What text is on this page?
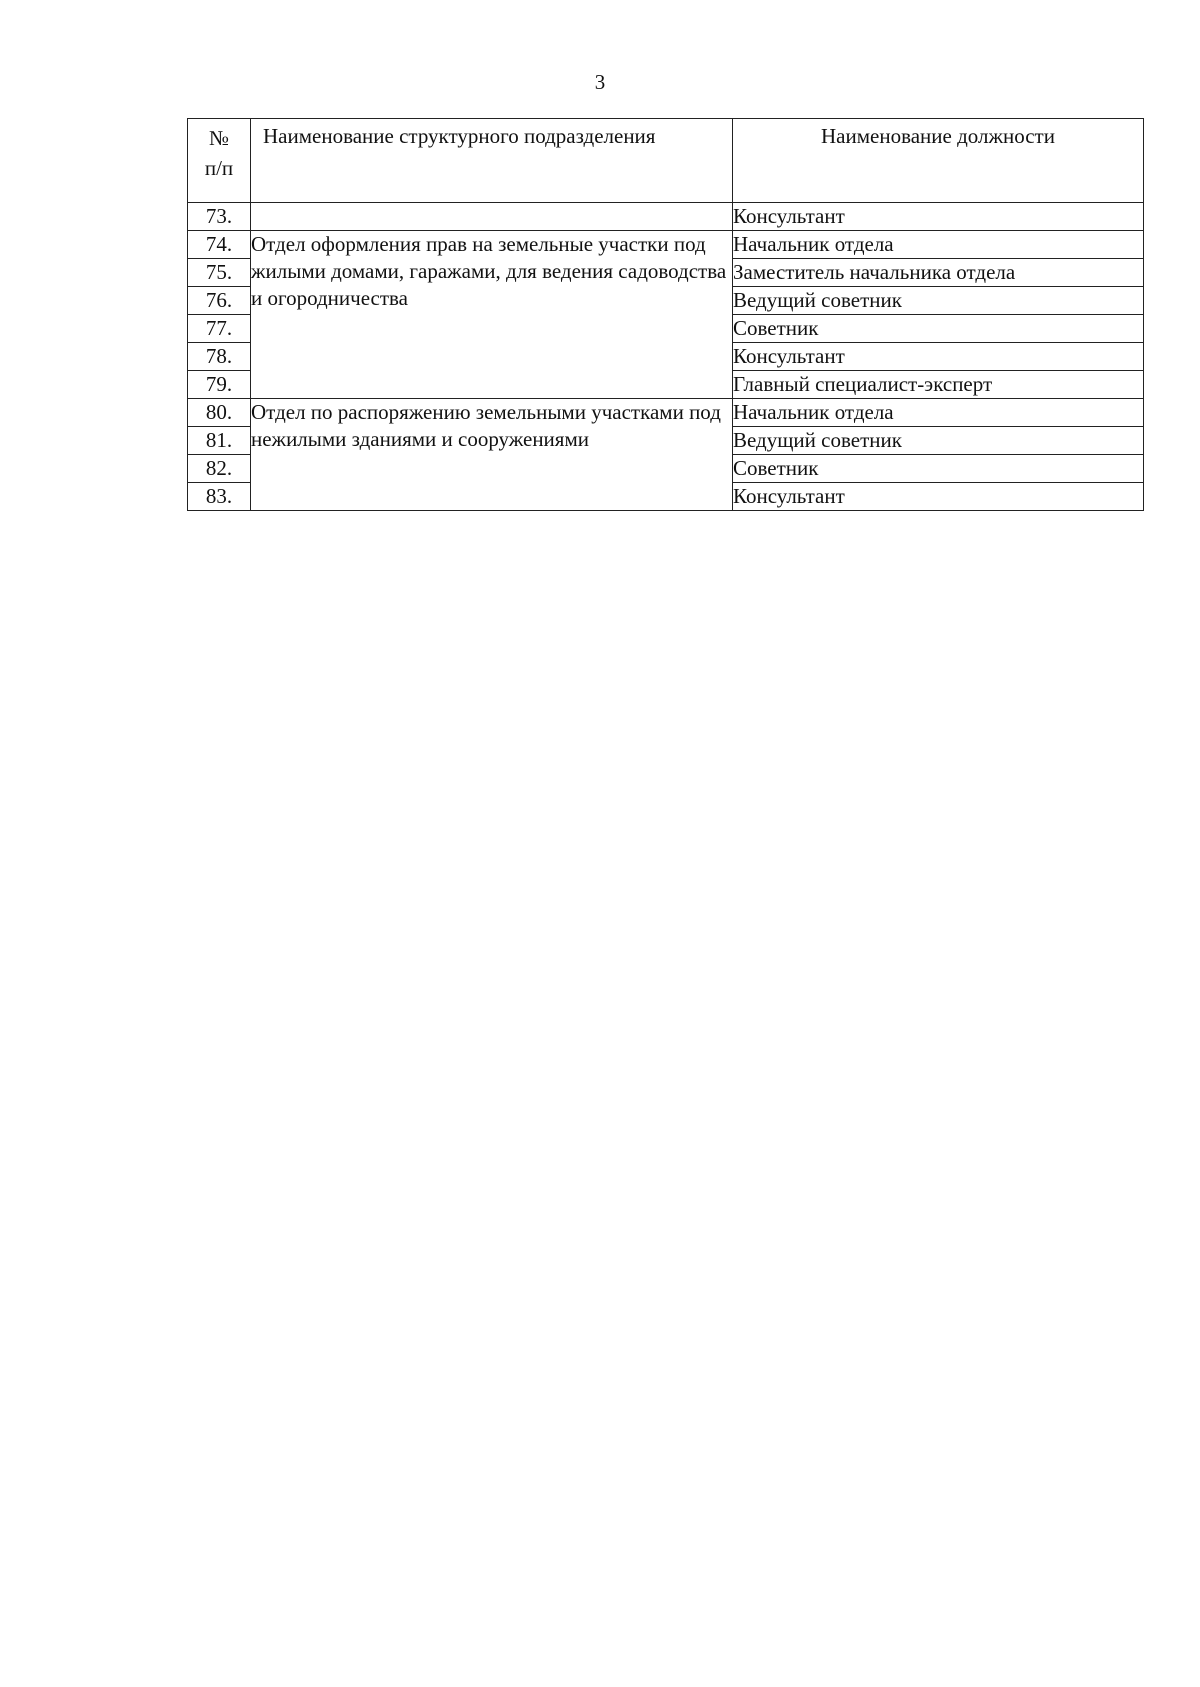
3
№
п/п	Наименование структурного подразделения	Наименование должности
73.		Консультант
74.	Отдел оформления прав на земельные участки под жилыми домами, гаражами, для ведения садоводства и огородничества	Начальник отдела
75.		Заместитель начальника отдела
76.		Ведущий советник
77.		Советник
78.		Консультант
79.		Главный специалист-эксперт
80.	Отдел по распоряжению земельными участками под нежилыми зданиями и сооружениями	Начальник отдела
81.		Ведущий советник
82.		Советник
83.		Консультант
